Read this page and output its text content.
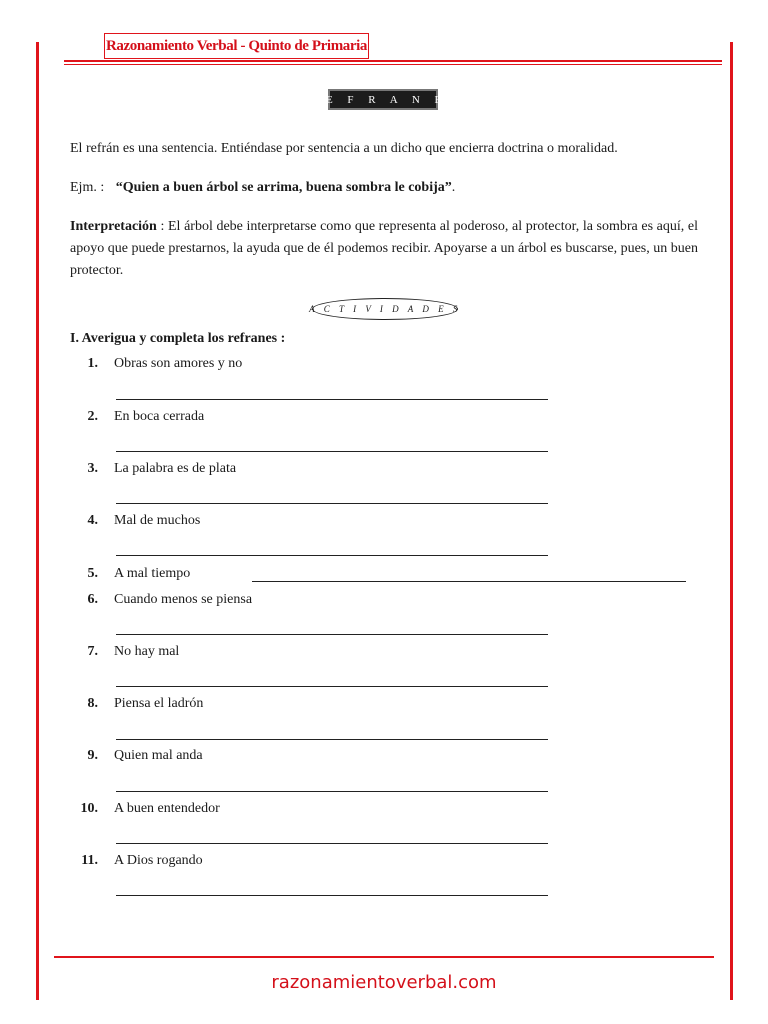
Razonamiento Verbal - Quinto de Primaria
R E F R A N E S
El refrán es una sentencia. Entiéndase por sentencia a un dicho que encierra doctrina o moralidad.
Ejm. : “Quien a buen árbol se arrima, buena sombra le cobija”.
Interpretación : El árbol debe interpretarse como que representa al poderoso, al protector, la sombra es aquí, el apoyo que puede prestarnos, la ayuda que de él podemos recibir. Apoyarse a un árbol es buscarse, pues, un buen protector.
A C T I V I D A D E S
I. Averigua y completa los refranes :
1. Obras son amores y no
2. En boca cerrada
3. La palabra es de plata
4. Mal de muchos
5. A mal tiempo
6. Cuando menos se piensa
7. No hay mal
8. Piensa el ladrón
9. Quien mal anda
10. A buen entendedor
11. A Dios rogando
razonamientoverbal.com
